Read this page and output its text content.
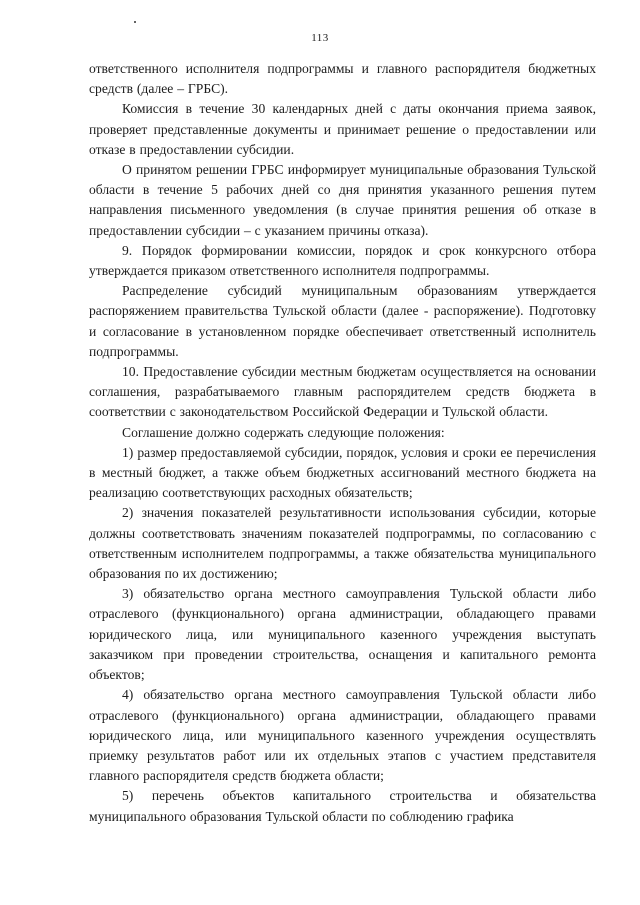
113

ответственного исполнителя подпрограммы и главного распорядителя бюджетных средств (далее – ГРБС).

Комиссия в течение 30 календарных дней с даты окончания приема заявок, проверяет представленные документы и принимает решение о предоставлении или отказе в предоставлении субсидии.

О принятом решении ГРБС информирует муниципальные образования Тульской области в течение 5 рабочих дней со дня принятия указанного решения путем направления письменного уведомления (в случае принятия решения об отказе в предоставлении субсидии – с указанием причины отказа).

9. Порядок формировании комиссии, порядок и срок конкурсного отбора утверждается приказом ответственного исполнителя подпрограммы.

Распределение субсидий муниципальным образованиям утверждается распоряжением правительства Тульской области (далее - распоряжение). Подготовку и согласование в установленном порядке обеспечивает ответственный исполнитель подпрограммы.

10. Предоставление субсидии местным бюджетам осуществляется на основании соглашения, разрабатываемого главным распорядителем средств бюджета в соответствии с законодательством Российской Федерации и Тульской области.

Соглашение должно содержать следующие положения:

1) размер предоставляемой субсидии, порядок, условия и сроки ее перечисления в местный бюджет, а также объем бюджетных ассигнований местного бюджета на реализацию соответствующих расходных обязательств;

2) значения показателей результативности использования субсидии, которые должны соответствовать значениям показателей подпрограммы, по согласованию с ответственным исполнителем подпрограммы, а также обязательства муниципального образования по их достижению;

3) обязательство органа местного самоуправления Тульской области либо отраслевого (функционального) органа администрации, обладающего правами юридического лица, или муниципального казенного учреждения выступать заказчиком при проведении строительства, оснащения и капитального ремонта объектов;

4) обязательство органа местного самоуправления Тульской области либо отраслевого (функционального) органа администрации, обладающего правами юридического лица, или муниципального казенного учреждения осуществлять приемку результатов работ или их отдельных этапов с участием представителя главного распорядителя средств бюджета области;

5) перечень объектов капитального строительства и обязательства муниципального образования Тульской области по соблюдению графика
